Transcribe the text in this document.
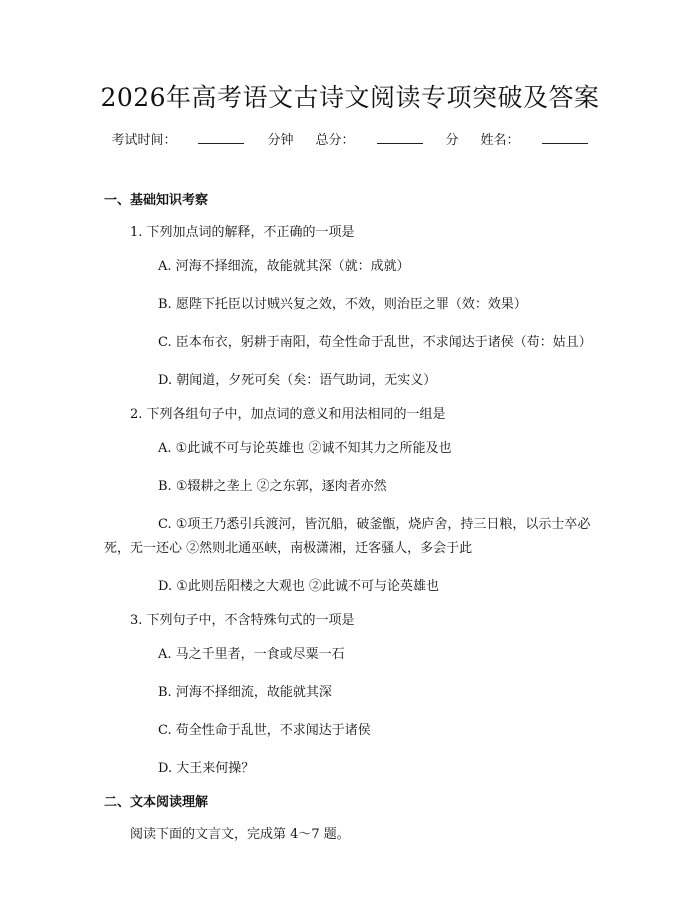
2026年高考语文古诗文阅读专项突破及答案
考试时间：	分钟 总分：	分 姓名：

一、基础知识考察

1. 下列加点词的解释，不正确的一项是

A. 河海不择细流，故能就其深（就：成就）

B. 愿陛下托臣以讨贼兴复之效，不效，则治臣之罪（效：效果）

C. 臣本布衣，躬耕于南阳，苟全性命于乱世，不求闻达于诸侯（苟：姑且）

D. 朝闻道，夕死可矣（矣：语气助词，无实义）

2. 下列各组句子中，加点词的意义和用法相同的一组是

A. ①此诚不可与论英雄也 ②诚不知其力之所能及也

B. ①辍耕之垄上 ②之东郭，逐肉者亦然

C. ①项王乃悉引兵渡河，皆沉船，破釜甑，烧庐舍，持三日粮，以示士卒必死，无一还心 ②然则北通巫峡，南极潇湘，迁客骚人，多会于此

D. ①此则岳阳楼之大观也 ②此诚不可与论英雄也

3. 下列句子中，不含特殊句式的一项是

A. 马之千里者，一食或尽粟一石

B. 河海不择细流，故能就其深

C. 苟全性命于乱世，不求闻达于诸侯

D. 大王来何操？

二、文本阅读理解

阅读下面的文言文，完成第 4～7 题。
